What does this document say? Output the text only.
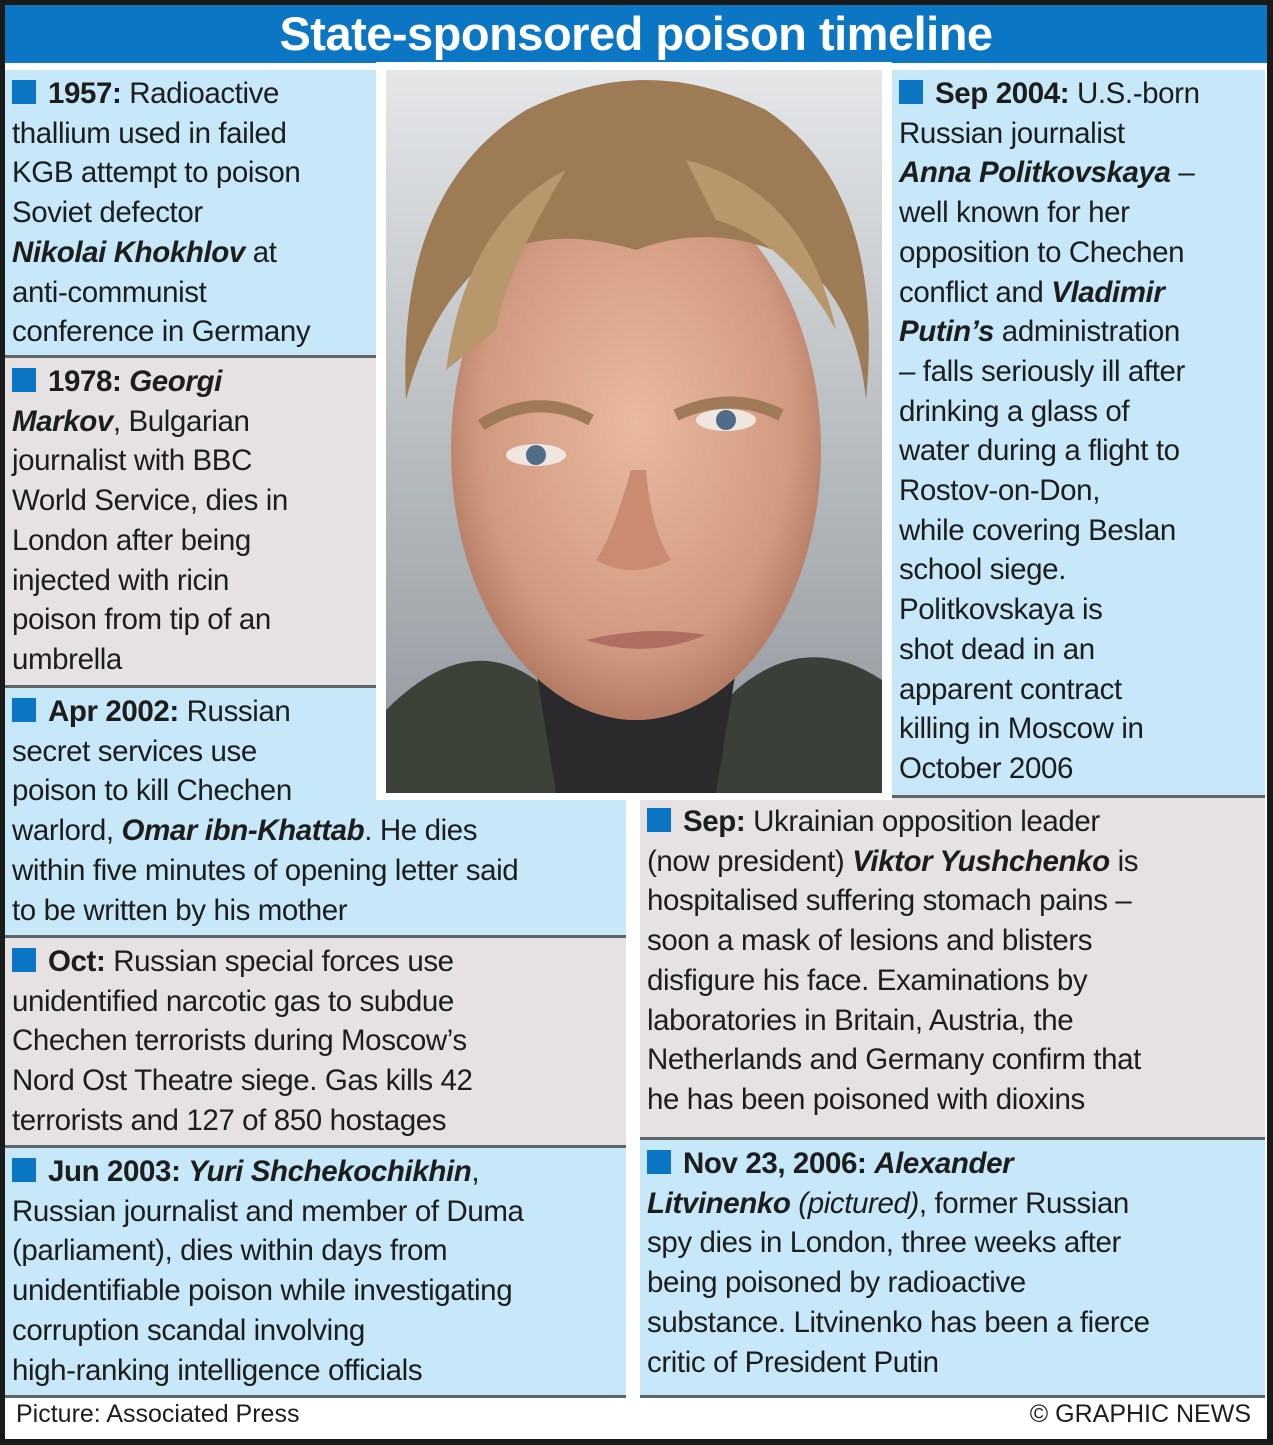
State-sponsored poison timeline
1957: Radioactive
thallium used in failed
KGB attempt to poison
Soviet defector
Nikolai Khokhlov at
anti-communist
conference in Germany
1978: Georgi
Markov, Bulgarian
journalist with BBC
World Service, dies in
London after being
injected with ricin
poison from tip of an
umbrella
Apr 2002: Russian
secret services use
poison to kill Chechen
warlord, Omar ibn-Khattab. He dies
within five minutes of opening letter said
to be written by his mother
Oct: Russian special forces use
unidentified narcotic gas to subdue
Chechen terrorists during Moscow’s
Nord Ost Theatre siege. Gas kills 42
terrorists and 127 of 850 hostages
Jun 2003: Yuri Shchekochikhin,
Russian journalist and member of Duma
(parliament), dies within days from
unidentifiable poison while investigating
corruption scandal involving
high-ranking intelligence officials
Sep 2004: U.S.-born
Russian journalist
Anna Politkovskaya –
well known for her
opposition to Chechen
conflict and Vladimir
Putin’s administration
– falls seriously ill after
drinking a glass of
water during a flight to
Rostov-on-Don,
while covering Beslan
school siege.
Politkovskaya is
shot dead in an
apparent contract
killing in Moscow in
October 2006
Sep: Ukrainian opposition leader
(now president) Viktor Yushchenko is
hospitalised suffering stomach pains –
soon a mask of lesions and blisters
disfigure his face. Examinations by
laboratories in Britain, Austria, the
Netherlands and Germany confirm that
he has been poisoned with dioxins
Nov 23, 2006: Alexander
Litvinenko (pictured), former Russian
spy dies in London, three weeks after
being poisoned by radioactive
substance. Litvinenko has been a fierce
critic of President Putin
Picture: Associated Press	© GRAPHIC NEWS
